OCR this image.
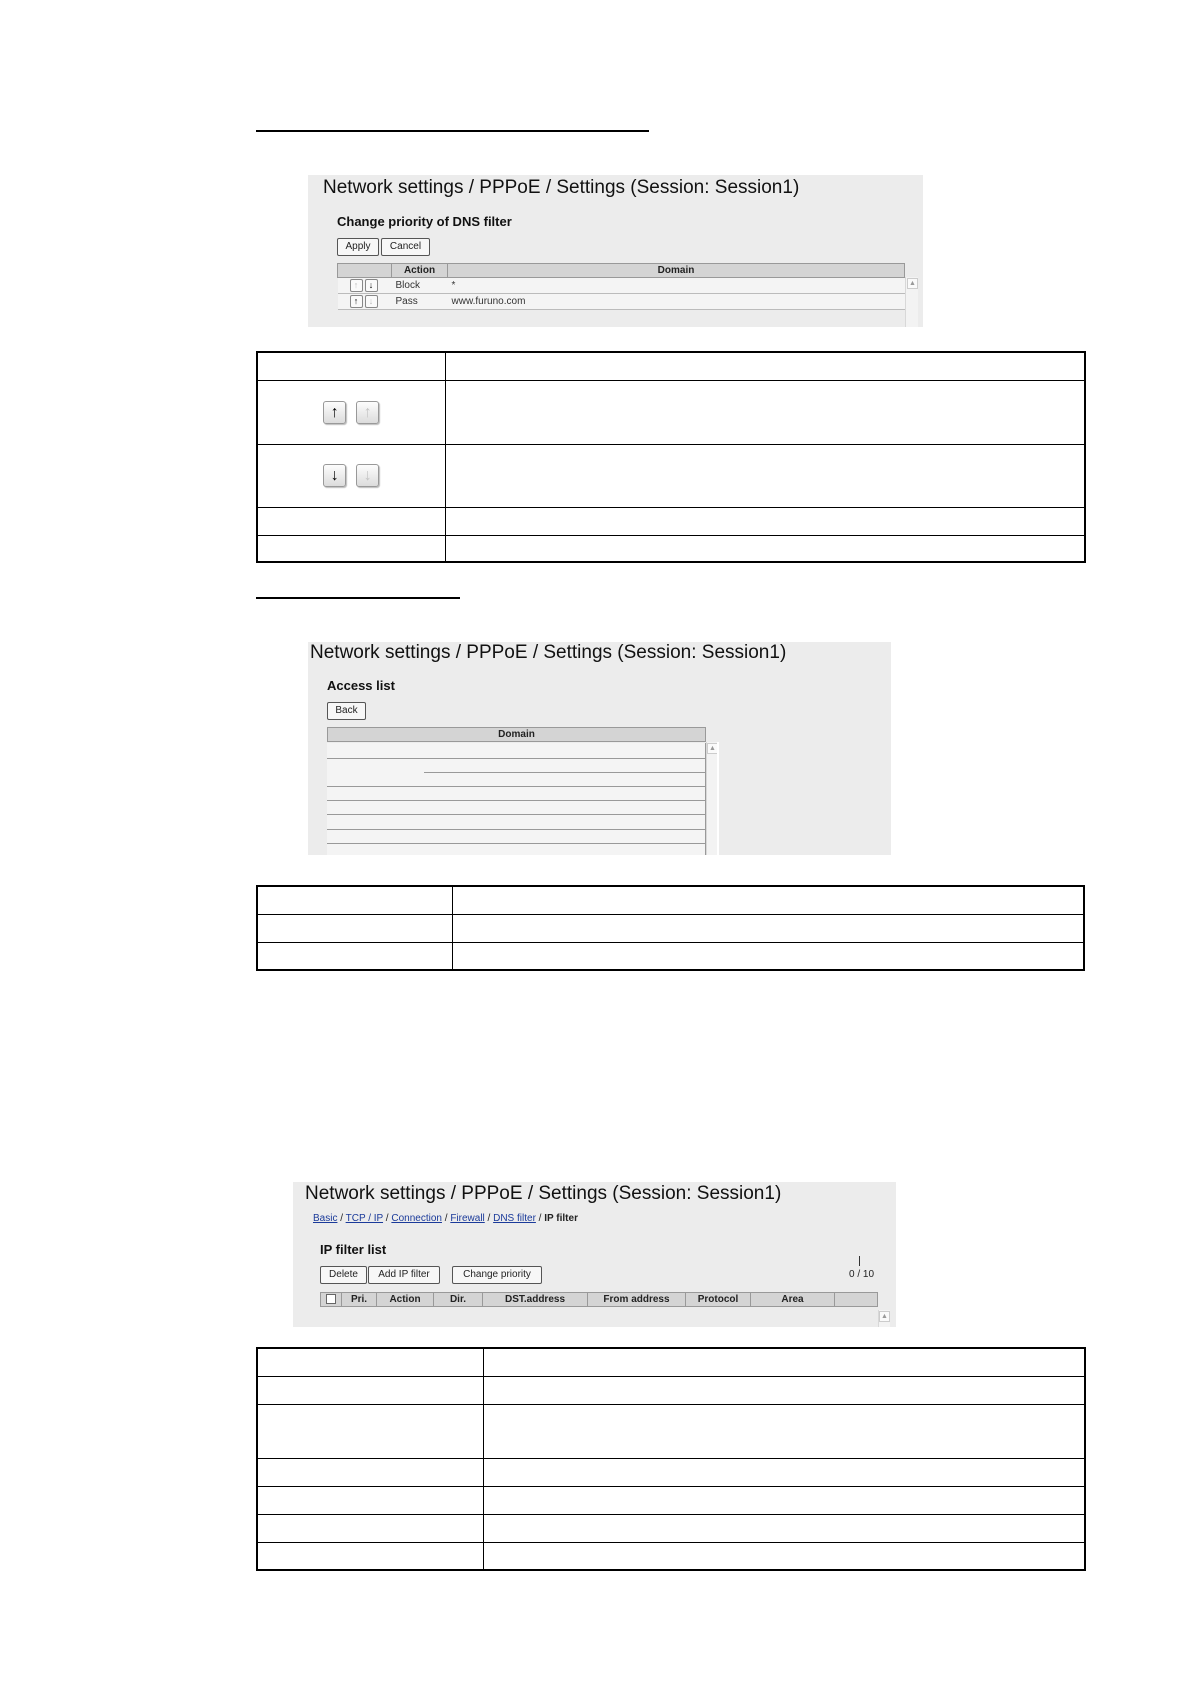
Network settings / PPPoE / Settings (Session: Session1)
Change priority of DNS filter
Apply	Cancel
	Action	Domain
↑ ↓	Block	*
↑ ↓	Pass	www.furuno.com
▲

↑ ↑	
↓ ↓	

Network settings / PPPoE / Settings (Session: Session1)
Access list
Back
Domain
▲

Network settings / PPPoE / Settings (Session: Session1)
Basic / TCP / IP / Connection / Firewall / DNS filter / IP filter
IP filter list
Delete	Add IP filter	Change priority	0 / 10
	Pri.	Action	Dir.	DST.address	From address	Protocol	Area	
▲
